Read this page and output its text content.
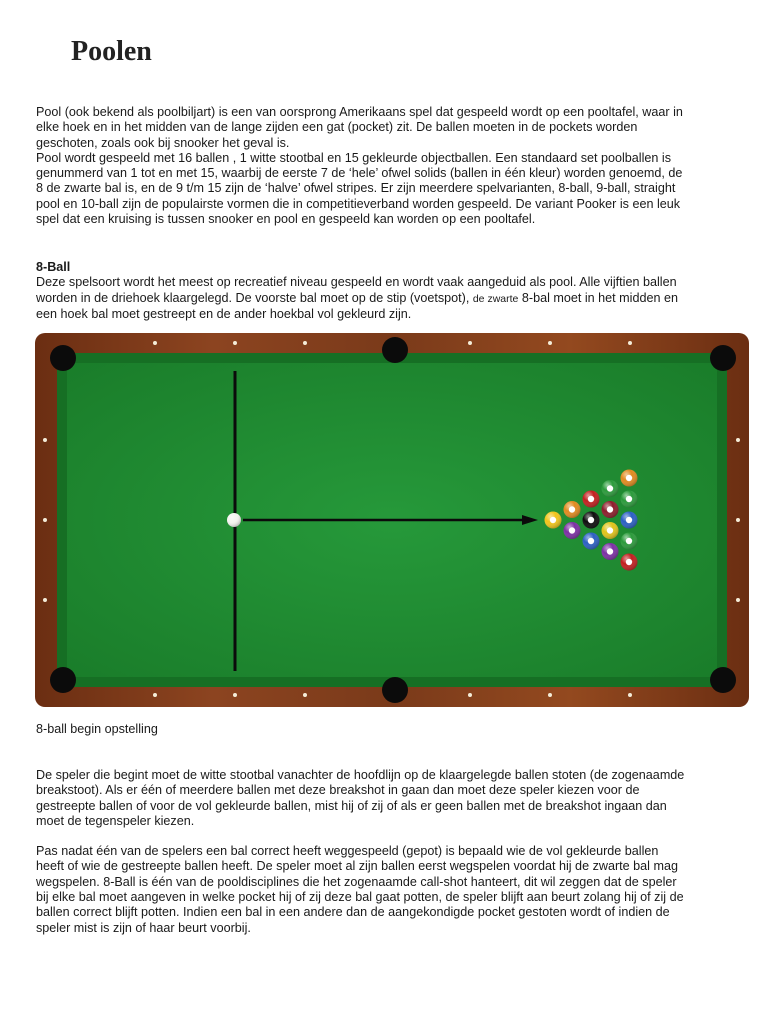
Poolen

Pool (ook bekend als poolbiljart) is een van oorsprong Amerikaans spel dat gespeeld wordt op een pooltafel, waar in elke hoek en in het midden van de lange zijden een gat (pocket) zit. De ballen moeten in de pockets worden geschoten, zoals ook bij snooker het geval is.

Pool wordt gespeeld met 16 ballen , 1 witte stootbal en 15 gekleurde objectballen. Een standaard set poolballen is genummerd van 1 tot en met 15, waarbij de eerste 7 de ‘hele’ ofwel solids (ballen in één kleur) worden genoemd, de 8 de zwarte bal is, en de 9 t/m 15 zijn de ‘halve’ ofwel stripes. Er zijn meerdere spelvarianten, 8-ball, 9-ball, straight pool en 10-ball zijn de populairste vormen die in competitieverband worden gespeeld. De variant Pooker is een leuk spel dat een kruising is tussen snooker en pool en gespeeld kan worden op een pooltafel.

8-Ball

Deze spelsoort wordt het meest op recreatief niveau gespeeld en wordt vaak aangeduid als pool. Alle vijftien ballen worden in de driehoek klaargelegd. De voorste bal moet op de stip (voetspot), de zwarte 8-bal moet in het midden en een hoek bal moet gestreept en de ander hoekbal vol gekleurd zijn.

8-ball begin opstelling

De speler die begint moet de witte stootbal vanachter de hoofdlijn op de klaargelegde ballen stoten (de zogenaamde breakstoot). Als er één of meerdere ballen met deze breakshot in gaan dan moet deze speler kiezen voor de gestreepte ballen of voor de vol gekleurde ballen, mist hij of zij of als er geen ballen met de breakshot ingaan dan moet de tegenspeler kiezen.

Pas nadat één van de spelers een bal correct heeft weggespeeld (gepot) is bepaald wie de vol gekleurde ballen heeft of wie de gestreepte ballen heeft. De speler moet al zijn ballen eerst wegspelen voordat hij de zwarte bal mag wegspelen. 8-Ball is één van de pooldisciplines die het zogenaamde call-shot hanteert, dit wil zeggen dat de speler bij elke bal moet aangeven in welke pocket hij of zij deze bal gaat potten, de speler blijft aan beurt zolang hij of zij de ballen correct blijft potten. Indien een bal in een andere dan de aangekondigde pocket gestoten wordt of indien de speler mist is zijn of haar beurt voorbij.
